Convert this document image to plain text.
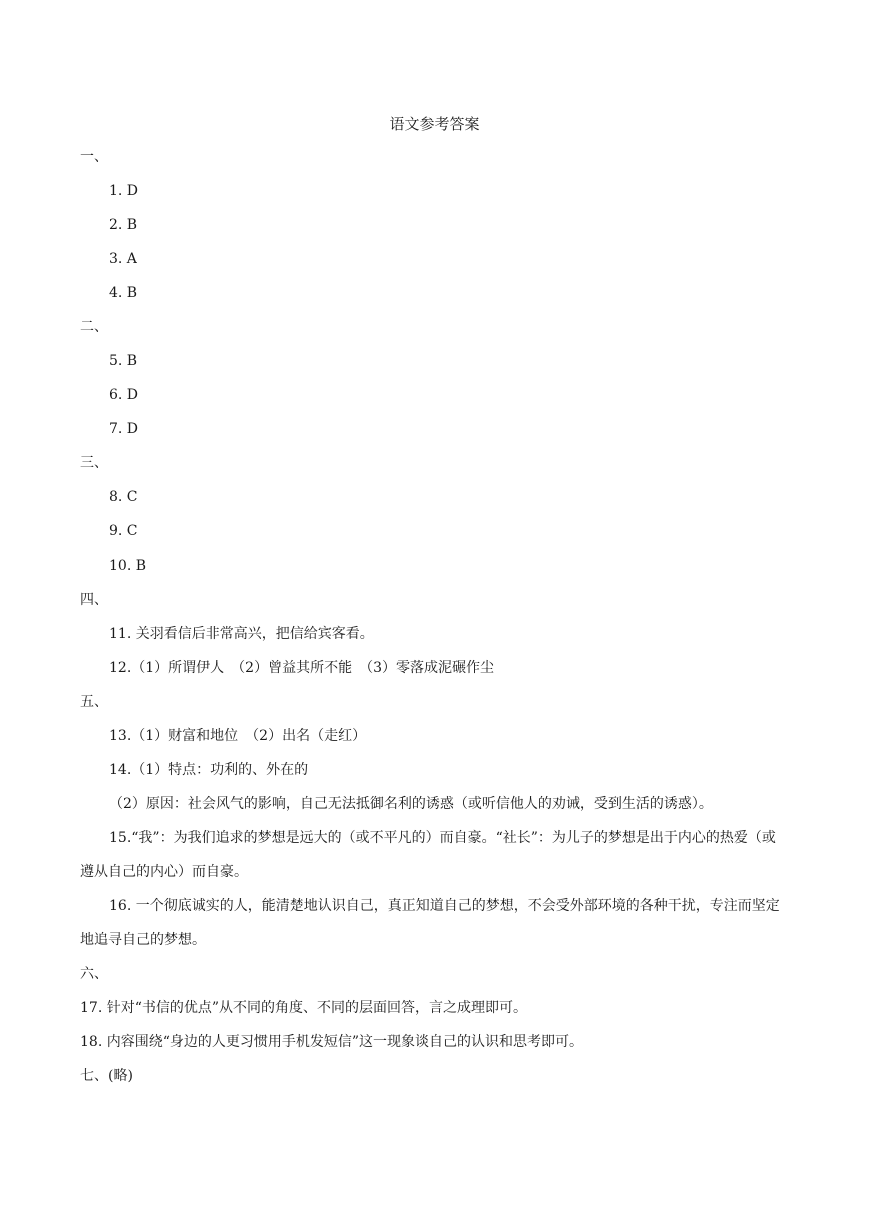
语文参考答案
一、
1. D
2. B
3. A
4. B
二、
5. B
6. D
7. D
三、
8. C
9. C
10. B
四、
11. 关羽看信后非常高兴，把信给宾客看。
12.（1）所谓伊人　（2）曾益其所不能　（3）零落成泥碾作尘
五、
13.（1）财富和地位　（2）出名（走红）
14.（1）特点：功利的、外在的
（2）原因：社会风气的影响，自己无法抵御名利的诱惑（或听信他人的劝诫，受到生活的诱惑）。
15.“我”：为我们追求的梦想是远大的（或不平凡的）而自豪。“社长”：为儿子的梦想是出于内心的热爱（或遵从自己的内心）而自豪。
16. 一个彻底诚实的人，能清楚地认识自己，真正知道自己的梦想，不会受外部环境的各种干扰，专注而坚定地追寻自己的梦想。
六、
17. 针对“书信的优点”从不同的角度、不同的层面回答，言之成理即可。
18. 内容围绕“身边的人更习惯用手机发短信”这一现象谈自己的认识和思考即可。
七、(略)
